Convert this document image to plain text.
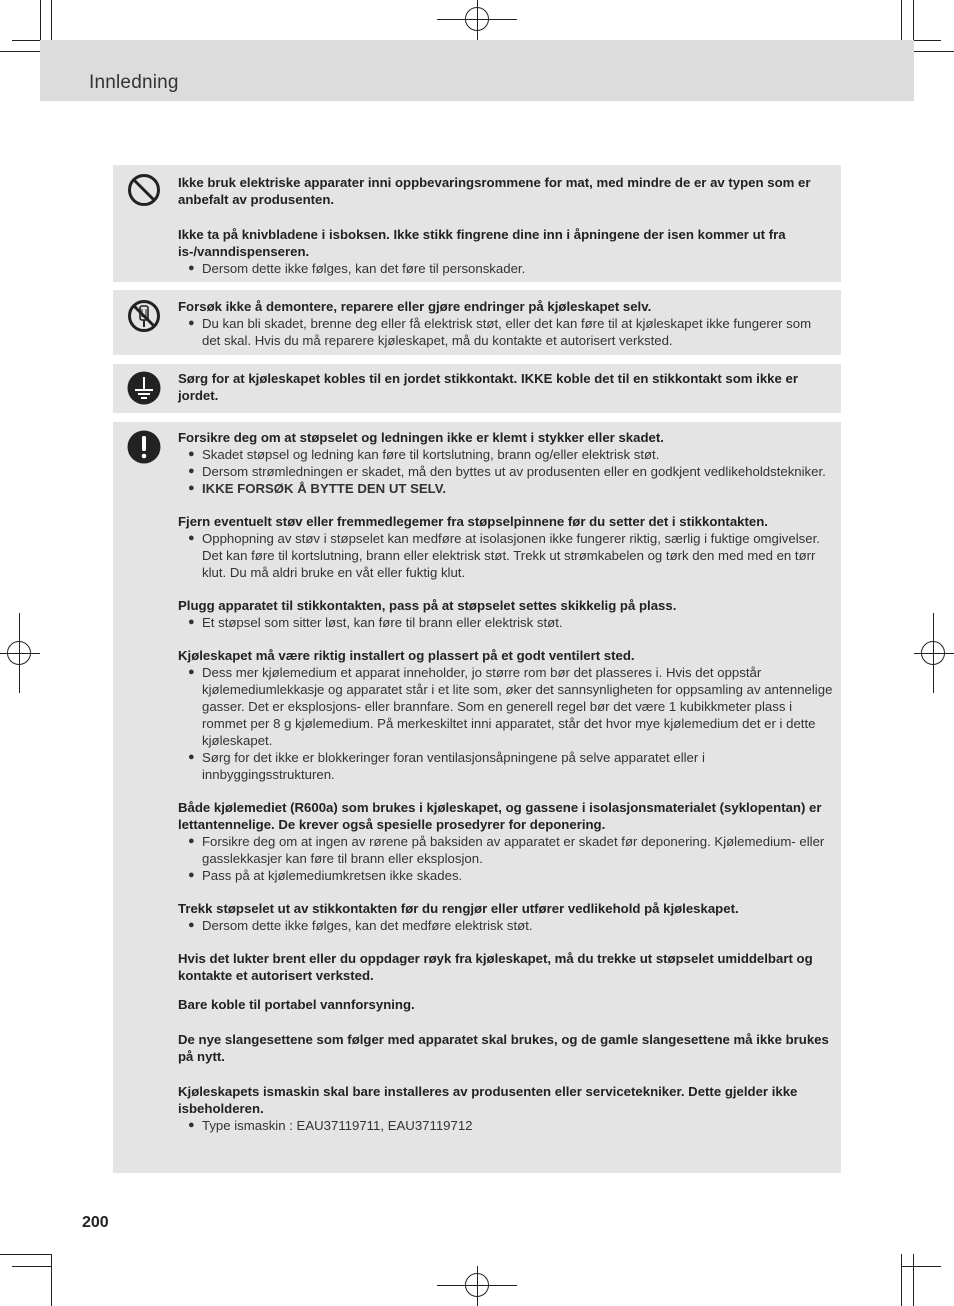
Innledning
Ikke bruk elektriske apparater inni oppbevaringsrommene for mat, med mindre de er av typen som er anbefalt av produsenten.
Ikke ta på knivbladene i isboksen. Ikke stikk fingrene dine inn i åpningene der isen kommer ut fra is-/vanndispenseren.
● Dersom dette ikke følges, kan det føre til personskader.
Forsøk ikke å demontere, reparere eller gjøre endringer på kjøleskapet selv.
● Du kan bli skadet, brenne deg eller få elektrisk støt, eller det kan føre til at kjøleskapet ikke fungerer som det skal. Hvis du må reparere kjøleskapet, må du kontakte et autorisert verksted.
Sørg for at kjøleskapet kobles til en jordet stikkontakt. IKKE koble det til en stikkontakt som ikke er jordet.
Forsikre deg om at støpselet og ledningen ikke er klemt i stykker eller skadet.
● Skadet støpsel og ledning kan føre til kortslutning, brann og/eller elektrisk støt.
● Dersom strømledningen er skadet, må den byttes ut av produsenten eller en godkjent vedlikeholdstekniker.
● IKKE FORSØK Å BYTTE DEN UT SELV.
Fjern eventuelt støv eller fremmedlegemer fra støpselpinnene før du setter det i stikkontakten.
● Opphopning av støv i støpselet kan medføre at isolasjonen ikke fungerer riktig, særlig i fuktige omgivelser. Det kan føre til kortslutning, brann eller elektrisk støt. Trekk ut strømkabelen og tørk den med med en tørr klut. Du må aldri bruke en våt eller fuktig klut.
Plugg apparatet til stikkontakten, pass på at støpselet settes skikkelig på plass.
● Et støpsel som sitter løst, kan føre til brann eller elektrisk støt.
Kjøleskapet må være riktig installert og plassert på et godt ventilert sted.
● Dess mer kjølemedium et apparat inneholder, jo større rom bør det plasseres i. Hvis det oppstår kjølemediumlekkasje og apparatet står i et lite som, øker det sannsynligheten for oppsamling av antennelige gasser. Det er eksplosjons- eller brannfare. Som en generell regel bør det være 1 kubikkmeter plass i rommet per 8 g kjølemedium. På merkeskiltet inni apparatet, står det hvor mye kjølemedium det er i dette kjøleskapet.
● Sørg for det ikke er blokkeringer foran ventilasjonsåpningene på selve apparatet eller i innbyggingsstrukturen.
Både kjølemediet (R600a) som brukes i kjøleskapet, og gassene i isolasjonsmaterialet (syklopentan) er lettantennelige. De krever også spesielle prosedyrer for deponering.
● Forsikre deg om at ingen av rørene på baksiden av apparatet er skadet før deponering. Kjølemedium- eller gasslekkasjer kan føre til brann eller eksplosjon.
● Pass på at kjølemediumkretsen ikke skades.
Trekk støpselet ut av stikkontakten før du rengjør eller utfører vedlikehold på kjøleskapet.
● Dersom dette ikke følges, kan det medføre elektrisk støt.
Hvis det lukter brent eller du oppdager røyk fra kjøleskapet, må du trekke ut støpselet umiddelbart og kontakte et autorisert verksted.
Bare koble til portabel vannforsyning.
De nye slangesettene som følger med apparatet skal brukes, og de gamle slangesettene må ikke brukes på nytt.
Kjøleskapets ismaskin skal bare installeres av produsenten eller servicetekniker. Dette gjelder ikke isbeholderen.
● Type ismaskin : EAU37119711, EAU37119712
200
